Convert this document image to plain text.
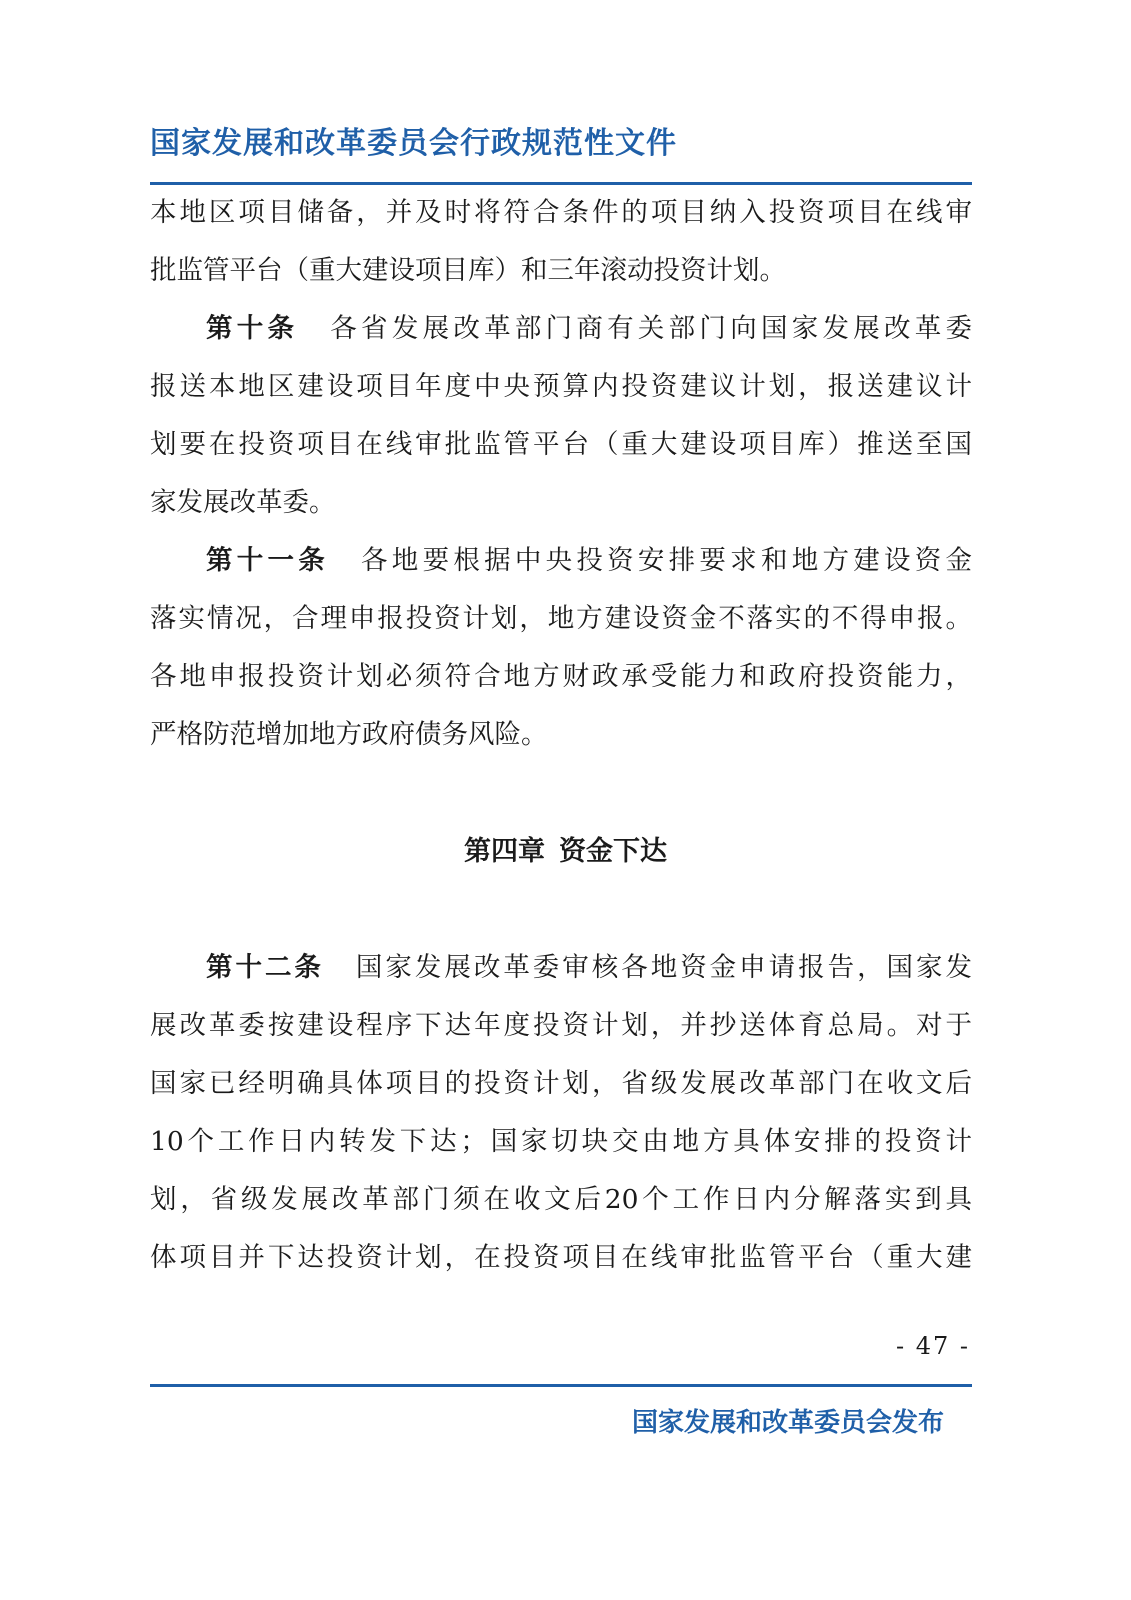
国家发展和改革委员会行政规范性文件
本地区项目储备，并及时将符合条件的项目纳入投资项目在线审
批监管平台（重大建设项目库）和三年滚动投资计划。
第十条 各省发展改革部门商有关部门向国家发展改革委
报送本地区建设项目年度中央预算内投资建议计划，报送建议计
划要在投资项目在线审批监管平台（重大建设项目库）推送至国
家发展改革委。
第十一条 各地要根据中央投资安排要求和地方建设资金
落实情况，合理申报投资计划，地方建设资金不落实的不得申报。
各地申报投资计划必须符合地方财政承受能力和政府投资能力，
严格防范增加地方政府债务风险。
第十二条 国家发展改革委审核各地资金申请报告，国家发
展改革委按建设程序下达年度投资计划，并抄送体育总局。对于
国家已经明确具体项目的投资计划，省级发展改革部门在收文后
10个工作日内转发下达；国家切块交由地方具体安排的投资计
划，省级发展改革部门须在收文后20个工作日内分解落实到具
体项目并下达投资计划，在投资项目在线审批监管平台（重大建
第四章 资金下达
- 47 -
国家发展和改革委员会发布
